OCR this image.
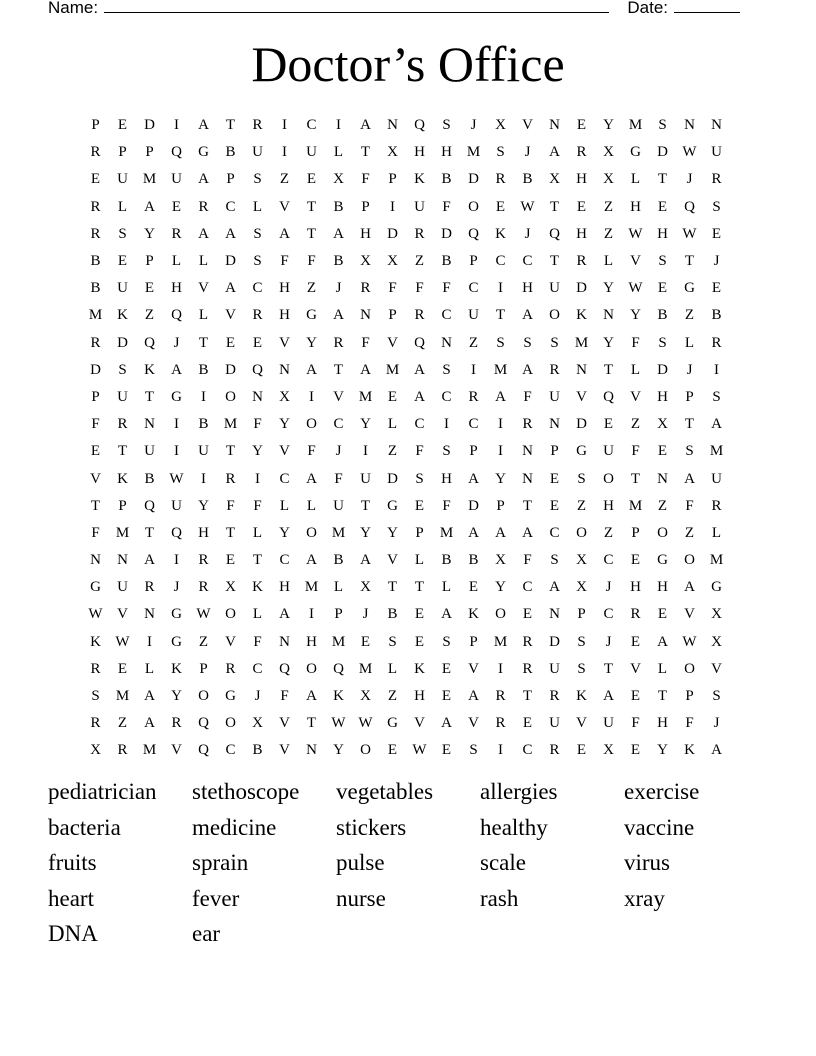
Name:	Date:
Doctor’s Office
P	E	D	I	A	T	R	I	C	I	A	N	Q	S	J	X	V	N	E	Y M	S	N	N
R	P	P	Q	G	B	U	I	U	L	T	X	H	H M	S	J	A	R	X	G	D W U
E	U M U	A	P	S	Z	E	X	F	P	K	B	D	R	B	X	H	X	L	T	J	R
R	L	A	E	R	C	L	V	T	B	P	I	U	F	O	E	W	T	E	Z	H	E	Q	S
R	S	Y	R	A	A	S	A	T	A	H	D	R	D	Q	K	J	Q	H	Z	W H W	E
B	E	P	L	L	D	S	F	F	B	X	X	Z	B	P	C	C	T	R	L	V	S	T	J
B	U	E	H	V	A	C	H	Z	J	R	F	F	F	C	I	H	U	D	Y W	E	G	E
M K	Z	Q	L	V	R	H	G	A	N	P	R	C	U	T	A	O	K	N	Y	B	Z	B
R	D	Q	J	T	E	E	V	Y	R	F	V	Q	N	Z	S	S	S	M Y	F	S	L	R
D	S	K	A	B	D	Q	N	A	T	A M A	S	I	M A	R	N	T	L	D	J	I
P	U	T	G	I	O	N	X	I	V M	E	A	C	R	A	F	U	V	Q	V	H	P	S
F	R	N	I	B	M	F	Y	O	C	Y	L	C	I	C	I	R	N	D	E	Z	X	T	A
E	T	U	I	U	T	Y	V	F	J	I	Z	F	S	P	I	N	P	G	U	F	E	S	M
V	K	B W	I	R	I	C	A	F	U	D	S	H	A	Y	N	E	S	O	T	N	A	U
T	P	Q	U	Y	F	F	L	L	U	T	G	E	F	D	P	T	E	Z	H M	Z	F	R
F	M	T	Q	H	T	L	Y	O M Y	Y	P	M A	A	A	C	O	Z	P	O	Z	L
N	N	A	I	R	E	T	C	A	B	A	V	L	B	B	X	F	S	X	C	E	G	O M
G	U	R	J	R	X	K	H M	L	X	T	T	L	E	Y	C	A	X	J	H	H	A	G
W V	N	G W O	L	A	I	P	J	B	E	A	K	O	E	N	P	C	R	E	V	X
K W	I	G	Z	V	F	N	H M	E	S	E	S	P	M	R	D	S	J	E	A W X
R	E	L	K	P	R	C	Q	O	Q M	L	K	E	V	I	R	U	S	T	V	L	O	V
S	M A	Y	O	G	J	F	A	K	X	Z	H	E	A	R	T	R	K	A	E	T	P	S
R	Z	A	R	Q	O	X	V	T	W W G	V	A	V	R	E	U	V	U	F	H	F	J
X	R	M V	Q	C	B	V	N	Y	O	E	W	E	S	I	C	R	E	X	E	Y	K	A
pediatrician	stethoscope	vegetables	allergies	exercise
bacteria	medicine	stickers	healthy	vaccine
fruits	sprain	pulse	scale	virus
heart	fever	nurse	rash	xray
DNA	ear
